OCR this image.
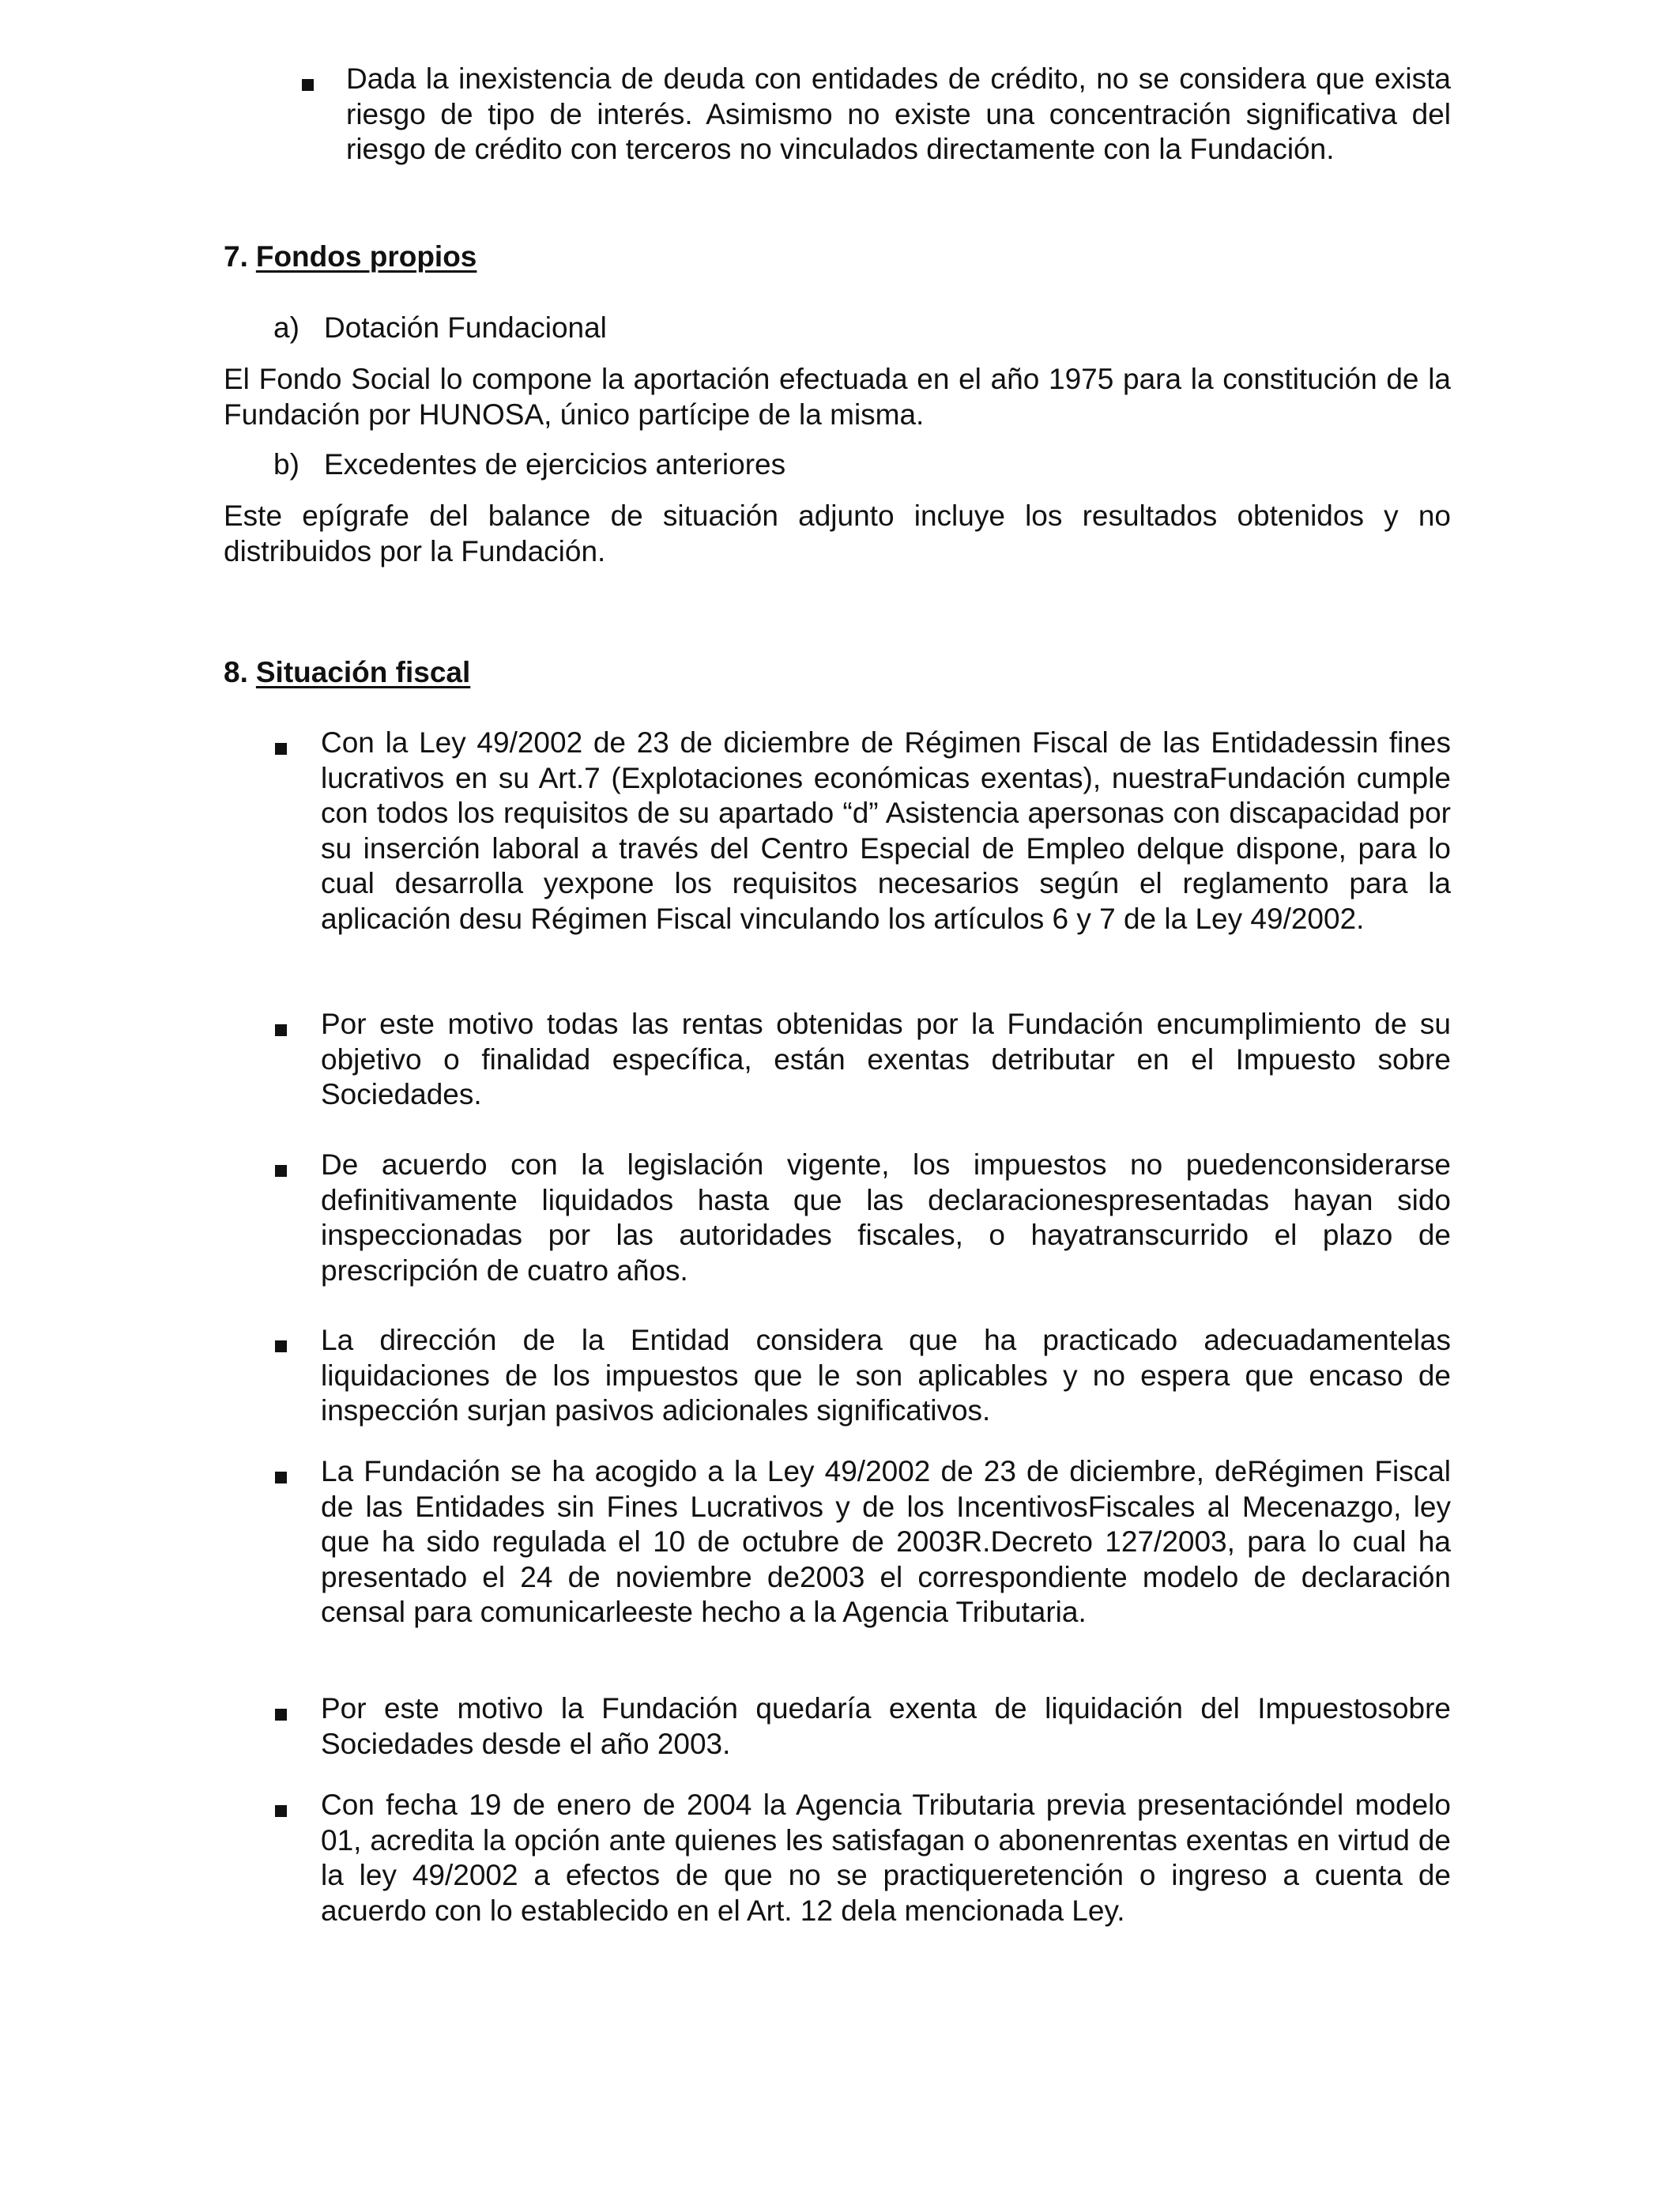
Dada la inexistencia de deuda con entidades de crédito, no se considera que exista riesgo de tipo de interés. Asimismo no existe una concentración significativa del riesgo de crédito con terceros no vinculados directamente con la Fundación.

7. Fondos propios

a) Dotación Fundacional

El Fondo Social lo compone la aportación efectuada en el año 1975 para la constitución de la Fundación por HUNOSA, único partícipe de la misma.

b) Excedentes de ejercicios anteriores

Este epígrafe del balance de situación adjunto incluye los resultados obtenidos y no distribuidos por la Fundación.

8. Situación fiscal

Con la Ley 49/2002 de 23 de diciembre de Régimen Fiscal de las Entidadessin fines lucrativos en su Art.7 (Explotaciones económicas exentas), nuestraFundación cumple con todos los requisitos de su apartado “d” Asistencia apersonas con discapacidad por su inserción laboral a través del Centro Especial de Empleo delque dispone, para lo cual desarrolla yexpone los requisitos necesarios según el reglamento para la aplicación desu Régimen Fiscal vinculando los artículos 6 y 7 de la Ley 49/2002.

Por este motivo todas las rentas obtenidas por la Fundación encumplimiento de su objetivo o finalidad específica, están exentas detributar en el Impuesto sobre Sociedades.

De acuerdo con la legislación vigente, los impuestos no puedenconsiderarse definitivamente liquidados hasta que las declaracionespresentadas hayan sido inspeccionadas por las autoridades fiscales, o hayatranscurrido el plazo de prescripción de cuatro años.

La dirección de la Entidad considera que ha practicado adecuadamentelas liquidaciones de los impuestos que le son aplicables y no espera que encaso de inspección surjan pasivos adicionales significativos.

La Fundación se ha acogido a la Ley 49/2002 de 23 de diciembre, deRégimen Fiscal de las Entidades sin Fines Lucrativos y de los IncentivosFiscales al Mecenazgo, ley que ha sido regulada el 10 de octubre de 2003R.Decreto 127/2003, para lo cual ha presentado el 24 de noviembre de2003 el correspondiente modelo de declaración censal para comunicarleeste hecho a la Agencia Tributaria.

Por este motivo la Fundación quedaría exenta de liquidación del Impuestosobre Sociedades desde el año 2003.

Con fecha 19 de enero de 2004 la Agencia Tributaria previa presentacióndel modelo 01, acredita la opción ante quienes les satisfagan o abonenrentas exentas en virtud de la ley 49/2002 a efectos de que no se practiqueretención o ingreso a cuenta de acuerdo con lo establecido en el Art. 12 dela mencionada Ley.
